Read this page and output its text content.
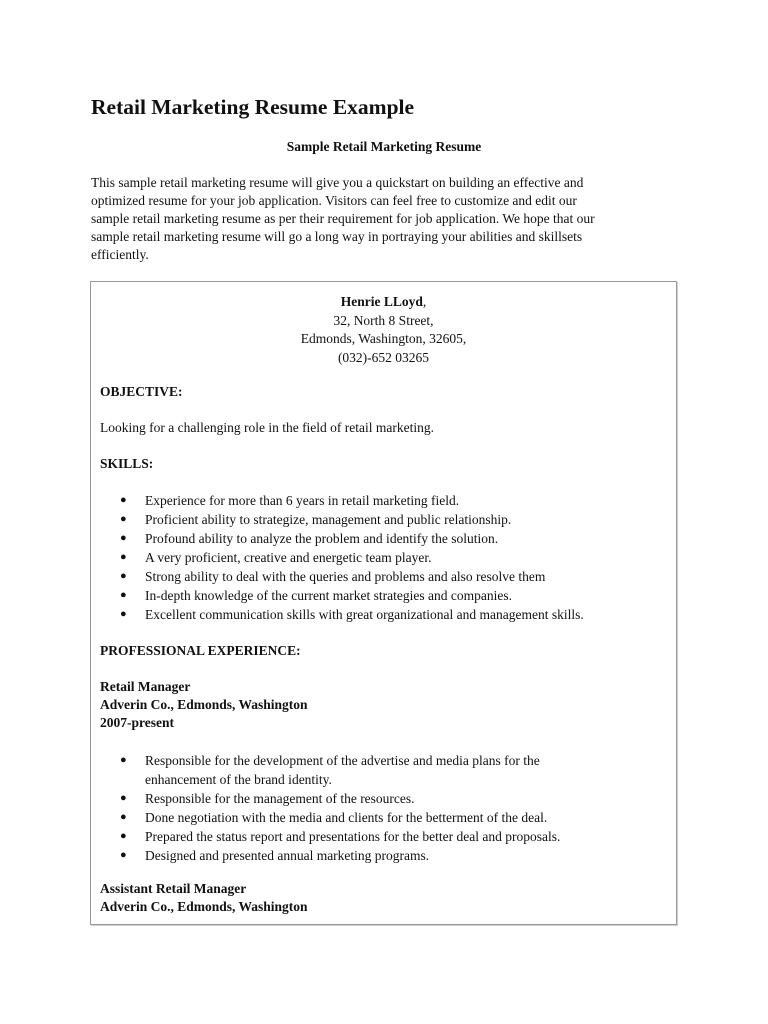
Retail Marketing Resume Example

Sample Retail Marketing Resume

This sample retail marketing resume will give you a quickstart on building an effective and
optimized resume for your job application. Visitors can feel free to customize and edit our
sample retail marketing resume as per their requirement for job application. We hope that our
sample retail marketing resume will go a long way in portraying your abilities and skillsets
efficiently.
Henrie LLoyd,
32, North 8 Street,
Edmonds, Washington, 32605,
(032)-652 03265

OBJECTIVE:

Looking for a challenging role in the field of retail marketing.

SKILLS:

● Experience for more than 6 years in retail marketing field.
● Proficient ability to strategize, management and public relationship.
● Profound ability to analyze the problem and identify the solution.
● A very proficient, creative and energetic team player.
● Strong ability to deal with the queries and problems and also resolve them
● In-depth knowledge of the current market strategies and companies.
● Excellent communication skills with great organizational and management skills.

PROFESSIONAL EXPERIENCE:

Retail Manager
Adverin Co., Edmonds, Washington
2007-present
● Responsible for the development of the advertise and media plans for the
enhancement of the brand identity.
● Responsible for the management of the resources.
● Done negotiation with the media and clients for the betterment of the deal.
● Prepared the status report and presentations for the better deal and proposals.
● Designed and presented annual marketing programs.
Assistant Retail Manager
Adverin Co., Edmonds, Washington
